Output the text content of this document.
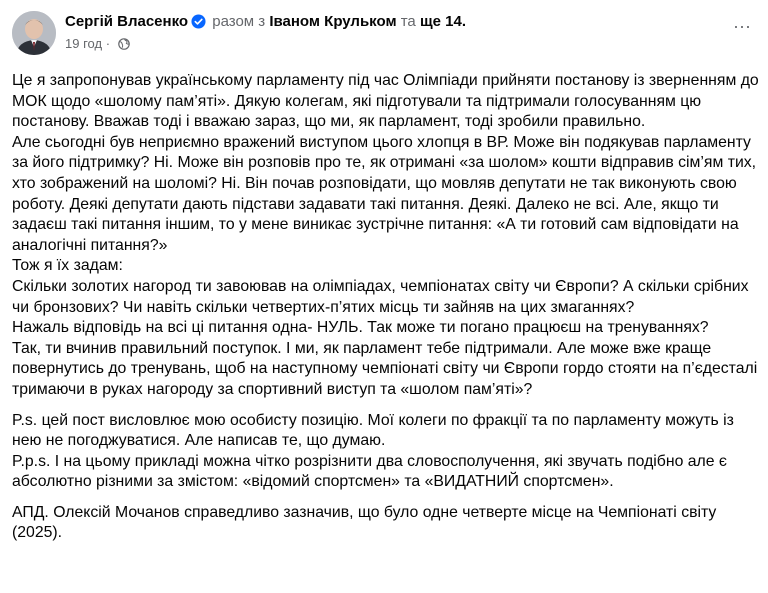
Сергій Власенко разом з Іваном Крульком та ще 14.
19 год ·
···

Це я запропонував українському парламенту під час Олімпіади прийняти постанову із зверненням до МОК щодо «шолому пам’яті». Дякую колегам, які підготували та підтримали голосуванням цю постанову. Вважав тоді і вважаю зараз, що ми, як парламент, тоді зробили правильно.

Але сьогодні був неприємно вражений виступом цього хлопця в ВР. Може він подякував парламенту за його підтримку? Ні. Може він розповів про те, як отримані «за шолом» кошти відправив сім’ям тих, хто зображений на шоломі? Ні. Він почав розповідати, що мовляв депутати не так виконують свою роботу. Деякі депутати дають підстави задавати такі питання. Деякі. Далеко не всі. Але, якщо ти задаєш такі питання іншим, то у мене виникає зустрічне питання: «А ти готовий сам відповідати на аналогічні питання?»

Тож я їх задам:

Скільки золотих нагород ти завоював на олімпіадах, чемпіонатах світу чи Європи? А скільки срібних чи бронзових? Чи навіть скільки четвертих-п’ятих місць ти зайняв на цих змаганнях?

Нажаль відповідь на всі ці питання одна- НУЛЬ. Так може ти погано працюєш на тренуваннях?

Так, ти вчинив правильний поступок. І ми, як парламент тебе підтримали. Але може вже краще повернутись до тренувань, щоб на наступному чемпіонаті світу чи Європи гордо стояти на п’єдесталі тримаючи в руках нагороду за спортивний виступ та «шолом пам’яті»?

P.s. цей пост висловлює мою особисту позицію. Мої колеги по фракції та по парламенту можуть із нею не погоджуватися. Але написав те, що думаю.

P.p.s. І на цьому прикладі можна чітко розрізнити два словосполучення, які звучать подібно але є абсолютно різними за змістом: «відомий спортсмен» та «ВИДАТНИЙ спортсмен».

АПД. Олексій Мочанов справедливо зазначив, що було одне четверте місце на Чемпіонаті світу (2025).
